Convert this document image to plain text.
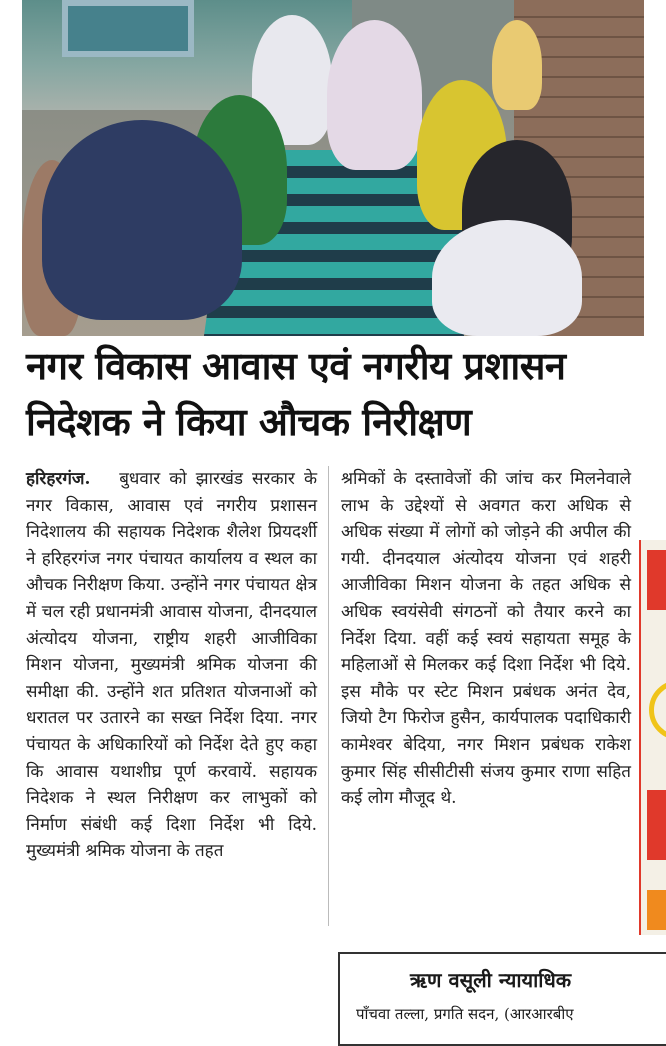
नगर विकास आवास एवं नगरीय प्रशासन
निदेशक ने किया औचक निरीक्षण
हरिहरगंज.   बुधवार को झारखंड सरकार के नगर विकास, आवास एवं नगरीय प्रशासन निदेशालय की सहायक निदेशक शैलेश प्रियदर्शी ने हरिहरगंज नगर पंचायत कार्यालय व स्थल का औचक निरीक्षण किया. उन्होंने नगर पंचायत क्षेत्र में चल रही प्रधानमंत्री आवास योजना, दीनदयाल अंत्योदय योजना, राष्ट्रीय शहरी आजीविका मिशन योजना, मुख्यमंत्री श्रमिक योजना की समीक्षा की. उन्होंने शत प्रतिशत योजनाओं को धरातल पर उतारने का सख्त निर्देश दिया. नगर पंचायत के अधिकारियों को निर्देश देते हुए कहा कि आवास यथाशीघ्र पूर्ण करवायें. सहायक निदेशक ने स्थल निरीक्षण कर लाभुकों को निर्माण संबंधी कई दिशा निर्देश भी दिये. मुख्यमंत्री श्रमिक योजना के तहत
श्रमिकों के दस्तावेजों की जांच कर मिलनेवाले लाभ के उद्देश्यों से अवगत करा अधिक से अधिक संख्या में लोगों को जोड़ने की अपील की गयी. दीनदयाल अंत्योदय योजना एवं शहरी आजीविका मिशन योजना के तहत अधिक से अधिक स्वयंसेवी संगठनों को तैयार करने का निर्देश दिया. वहीं कई स्वयं सहायता समूह के महिलाओं से मिलकर कई दिशा निर्देश भी दिये. इस मौके पर स्टेट मिशन प्रबंधक अनंत देव, जियो टैग फिरोज हुसैन, कार्यपालक पदाधिकारी कामेश्वर बेदिया, नगर मिशन प्रबंधक राकेश कुमार सिंह सीसीटीसी संजय कुमार राणा सहित कई लोग मौजूद थे.
ऋण वसूली न्यायाधिक
पाँचवा तल्ला, प्रगति सदन, (आरआरबीए
